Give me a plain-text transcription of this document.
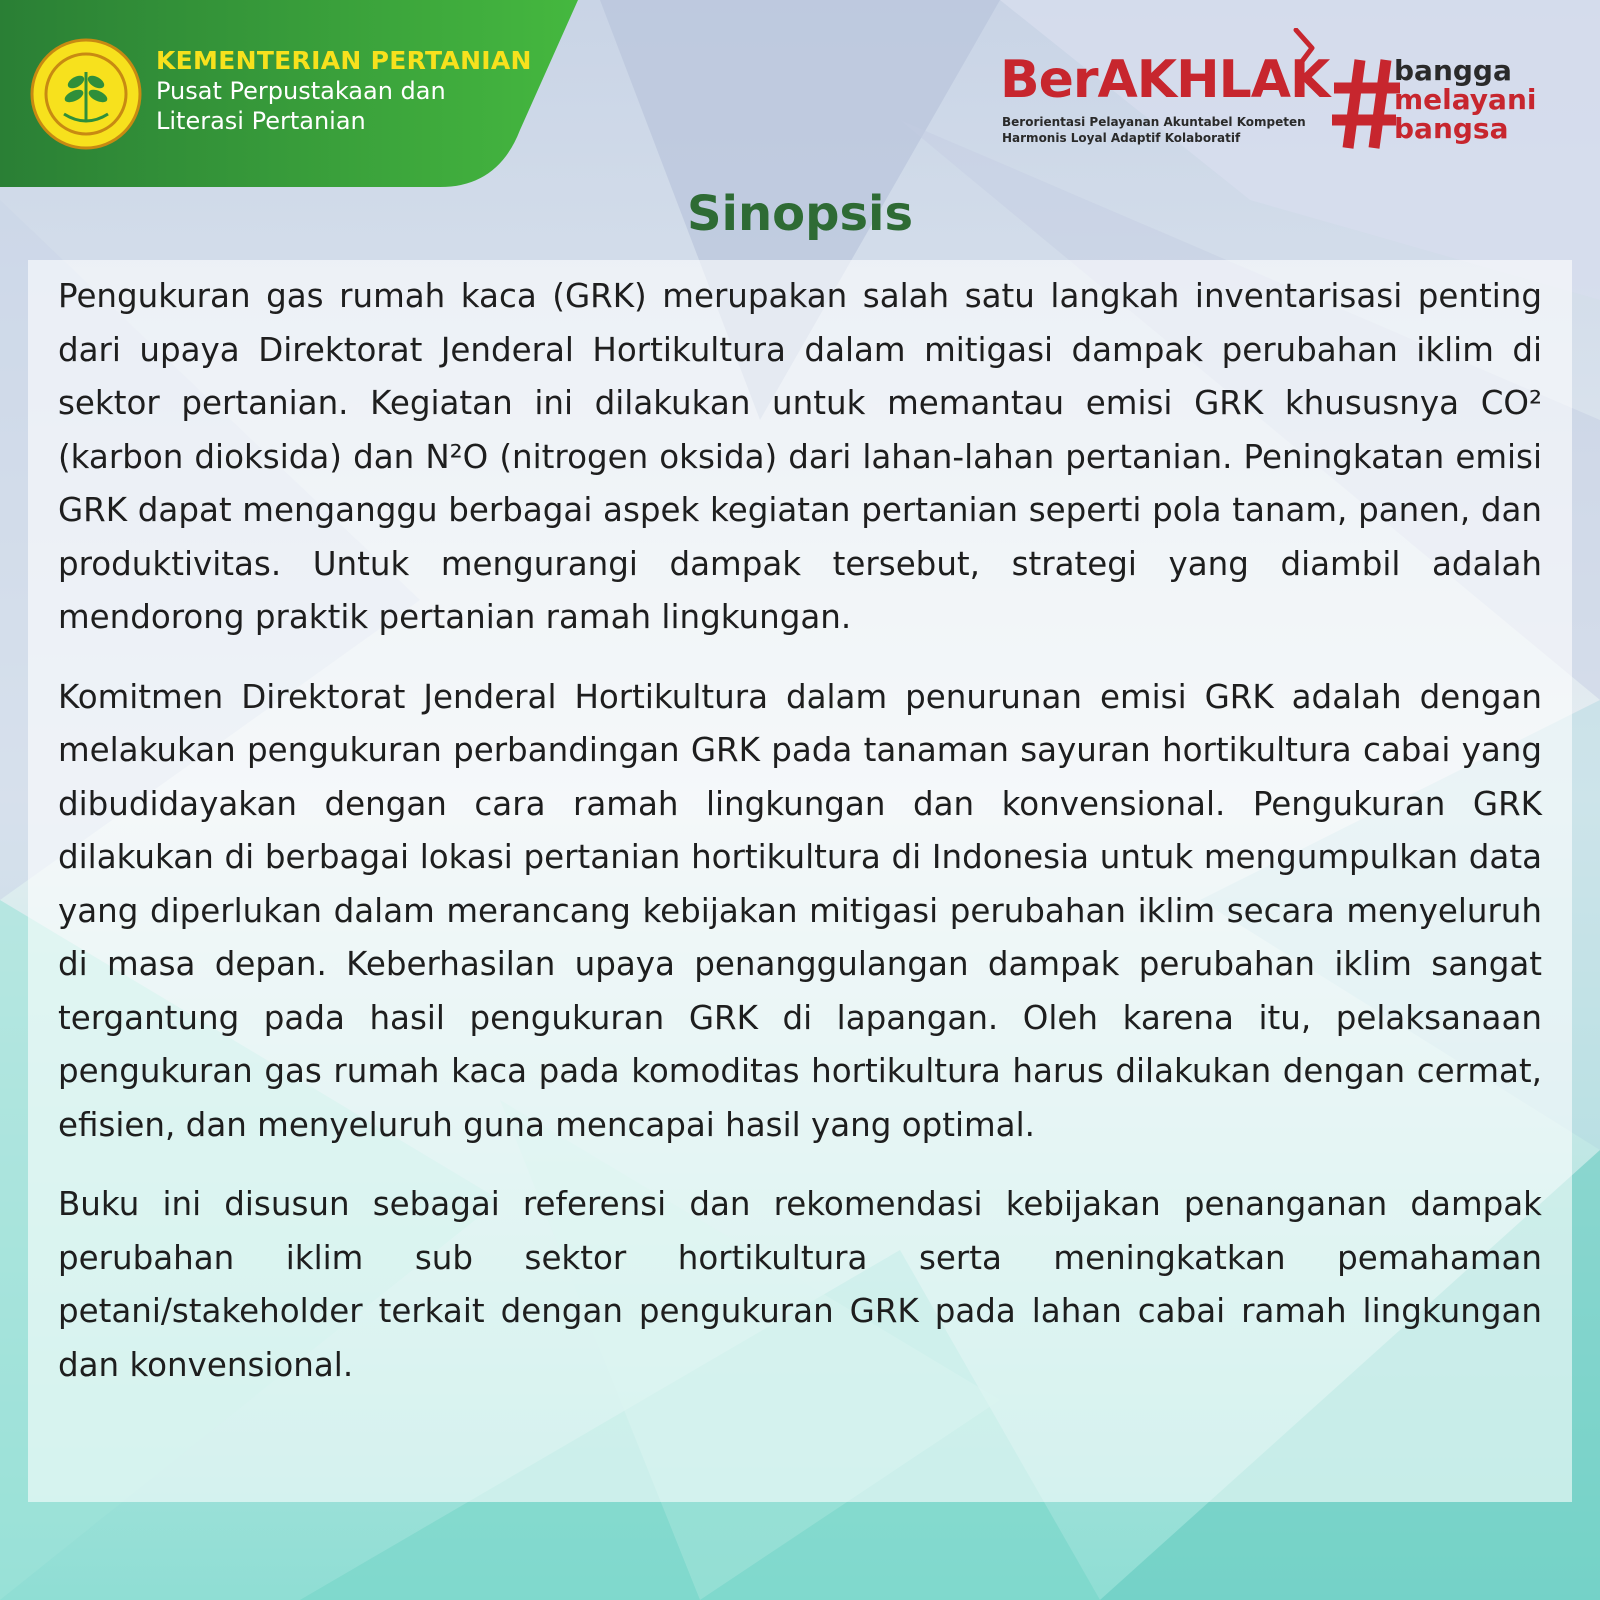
KEMENTERIAN PERTANIAN
Pusat Perpustakaan dan
Literasi Pertanian
BerAKHLAK
Berorientasi Pelayanan Akuntabel Kompeten
Harmonis Loyal Adaptif Kolaboratif
bangga
melayani
bangsa
Sinopsis

Pengukuran gas rumah kaca (GRK) merupakan salah satu langkah inventarisasi penting dari upaya Direktorat Jenderal Hortikultura dalam mitigasi dampak perubahan iklim di sektor pertanian. Kegiatan ini dilakukan untuk memantau emisi GRK khususnya CO² (karbon dioksida) dan N²O (nitrogen oksida) dari lahan-lahan pertanian. Peningkatan emisi GRK dapat menganggu berbagai aspek kegiatan pertanian seperti pola tanam, panen, dan produktivitas. Untuk mengurangi dampak tersebut, strategi yang diambil adalah mendorong praktik pertanian ramah lingkungan.

Komitmen Direktorat Jenderal Hortikultura dalam penurunan emisi GRK adalah dengan melakukan pengukuran perbandingan GRK pada tanaman sayuran hortikultura cabai yang dibudidayakan dengan cara ramah lingkungan dan konvensional. Pengukuran GRK dilakukan di berbagai lokasi pertanian hortikultura di Indonesia untuk mengumpulkan data yang diperlukan dalam merancang kebijakan mitigasi perubahan iklim secara menyeluruh di masa depan. Keberhasilan upaya penanggulangan dampak perubahan iklim sangat tergantung pada hasil pengukuran GRK di lapangan. Oleh karena itu, pelaksanaan pengukuran gas rumah kaca pada komoditas hortikultura harus dilakukan dengan cermat, efisien, dan menyeluruh guna mencapai hasil yang optimal.

Buku ini disusun sebagai referensi dan rekomendasi kebijakan penanganan dampak perubahan iklim sub sektor hortikultura serta meningkatkan pemahaman petani/stakeholder terkait dengan pengukuran GRK pada lahan cabai ramah lingkungan dan konvensional.
